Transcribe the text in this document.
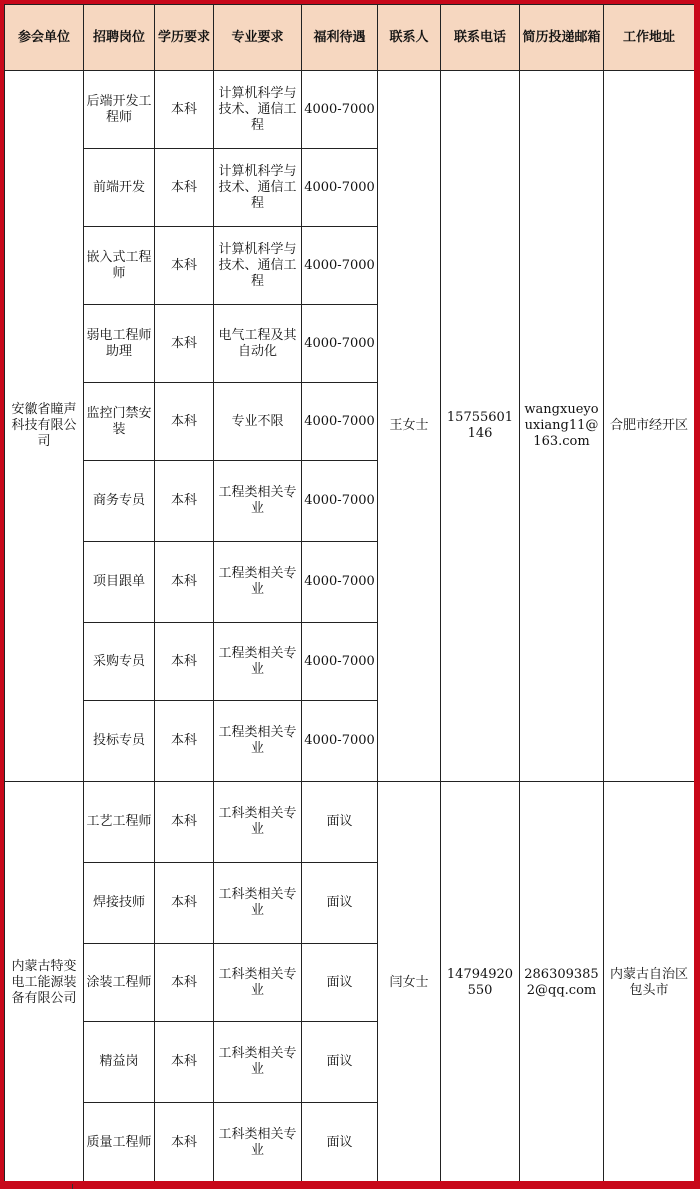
参会单位	招聘岗位	学历要求	专业要求	福利待遇	联系人	联系电话	简历投递邮箱	工作地址
安徽省瞳声科技有限公司	后端开发工程师	本科	计算机科学与技术、通信工程	4000-7000	王女士	15755601146	wangxueyouxiang11@163.com	合肥市经开区
	前端开发	本科	计算机科学与技术、通信工程	4000-7000				
	嵌入式工程师	本科	计算机科学与技术、通信工程	4000-7000				
	弱电工程师助理	本科	电气工程及其自动化	4000-7000				
	监控门禁安装	本科	专业不限	4000-7000				
	商务专员	本科	工程类相关专业	4000-7000				
	项目跟单	本科	工程类相关专业	4000-7000				
	采购专员	本科	工程类相关专业	4000-7000				
	投标专员	本科	工程类相关专业	4000-7000				
内蒙古特变电工能源装备有限公司	工艺工程师	本科	工科类相关专业	面议	闫女士	14794920550	2863093852@qq.com	内蒙古自治区包头市
	焊接技师	本科	工科类相关专业	面议				
	涂装工程师	本科	工科类相关专业	面议				
	精益岗	本科	工科类相关专业	面议				
	质量工程师	本科	工科类相关专业	面议				
